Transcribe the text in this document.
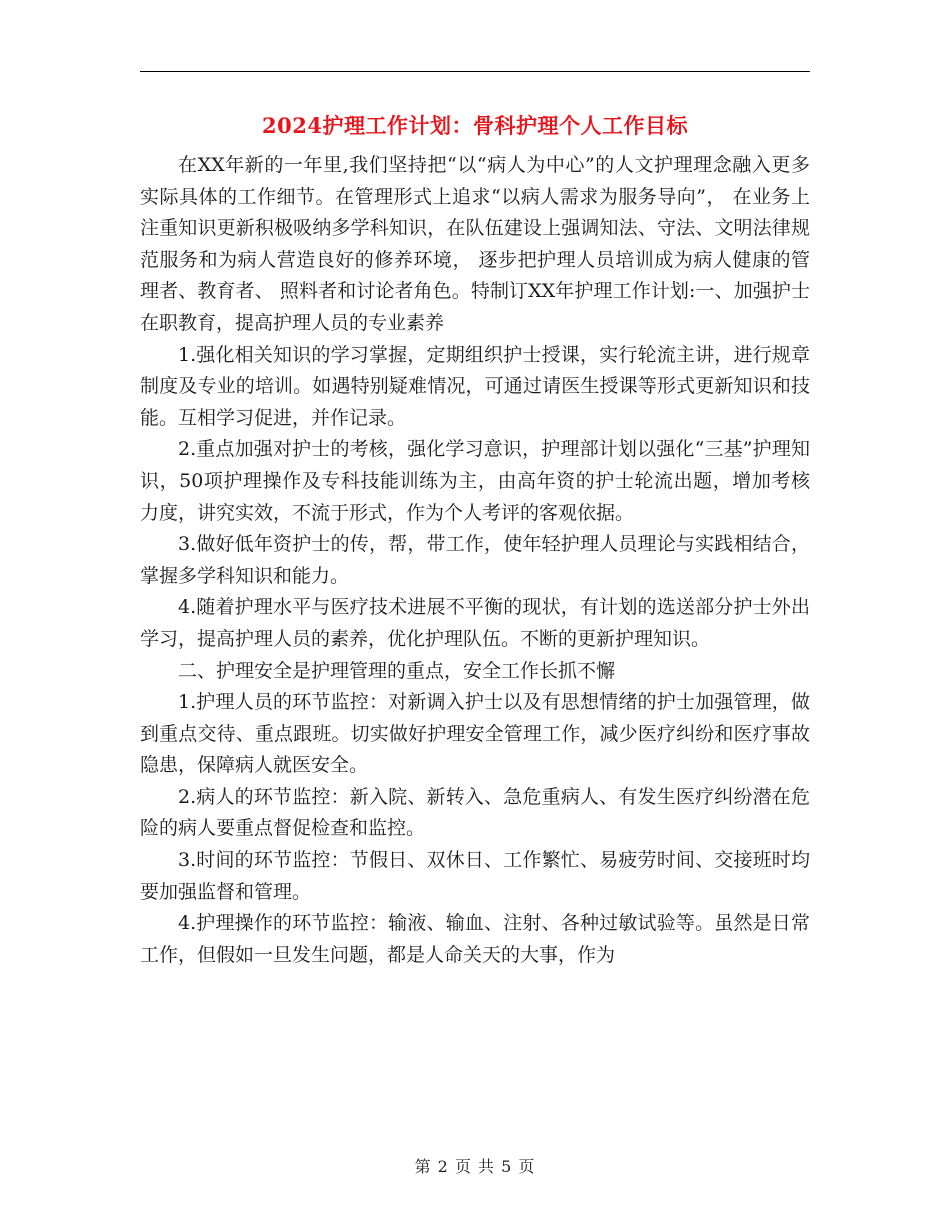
2024护理工作计划：骨科护理个人工作目标

在XX年新的一年里,我们坚持把“以“病人为中心”的人文护理理念融入更多实际具体的工作细节。在管理形式上追求“以病人需求为服务导向”， 在业务上注重知识更新积极吸纳多学科知识，在队伍建设上强调知法、守法、文明法律规范服务和为病人营造良好的修养环境， 逐步把护理人员培训成为病人健康的管理者、教育者、 照料者和讨论者角色。特制订XX年护理工作计划:一、加强护士在职教育，提高护理人员的专业素养

1.强化相关知识的学习掌握，定期组织护士授课，实行轮流主讲，进行规章制度及专业的培训。如遇特别疑难情况，可通过请医生授课等形式更新知识和技能。互相学习促进，并作记录。

2.重点加强对护士的考核，强化学习意识，护理部计划以强化“三基”护理知识，50项护理操作及专科技能训练为主，由高年资的护士轮流出题，增加考核力度，讲究实效，不流于形式，作为个人考评的客观依据。

3.做好低年资护士的传，帮，带工作，使年轻护理人员理论与实践相结合，掌握多学科知识和能力。

4.随着护理水平与医疗技术进展不平衡的现状，有计划的选送部分护士外出学习，提高护理人员的素养，优化护理队伍。不断的更新护理知识。

二、护理安全是护理管理的重点，安全工作长抓不懈

1.护理人员的环节监控：对新调入护士以及有思想情绪的护士加强管理，做到重点交待、重点跟班。切实做好护理安全管理工作，减少医疗纠纷和医疗事故隐患，保障病人就医安全。

2.病人的环节监控：新入院、新转入、急危重病人、有发生医疗纠纷潜在危险的病人要重点督促检查和监控。

3.时间的环节监控：节假日、双休日、工作繁忙、易疲劳时间、交接班时均要加强监督和管理。

4.护理操作的环节监控：输液、输血、注射、各种过敏试验等。虽然是日常工作，但假如一旦发生问题，都是人命关天的大事，作为

第 2 页 共 5 页
